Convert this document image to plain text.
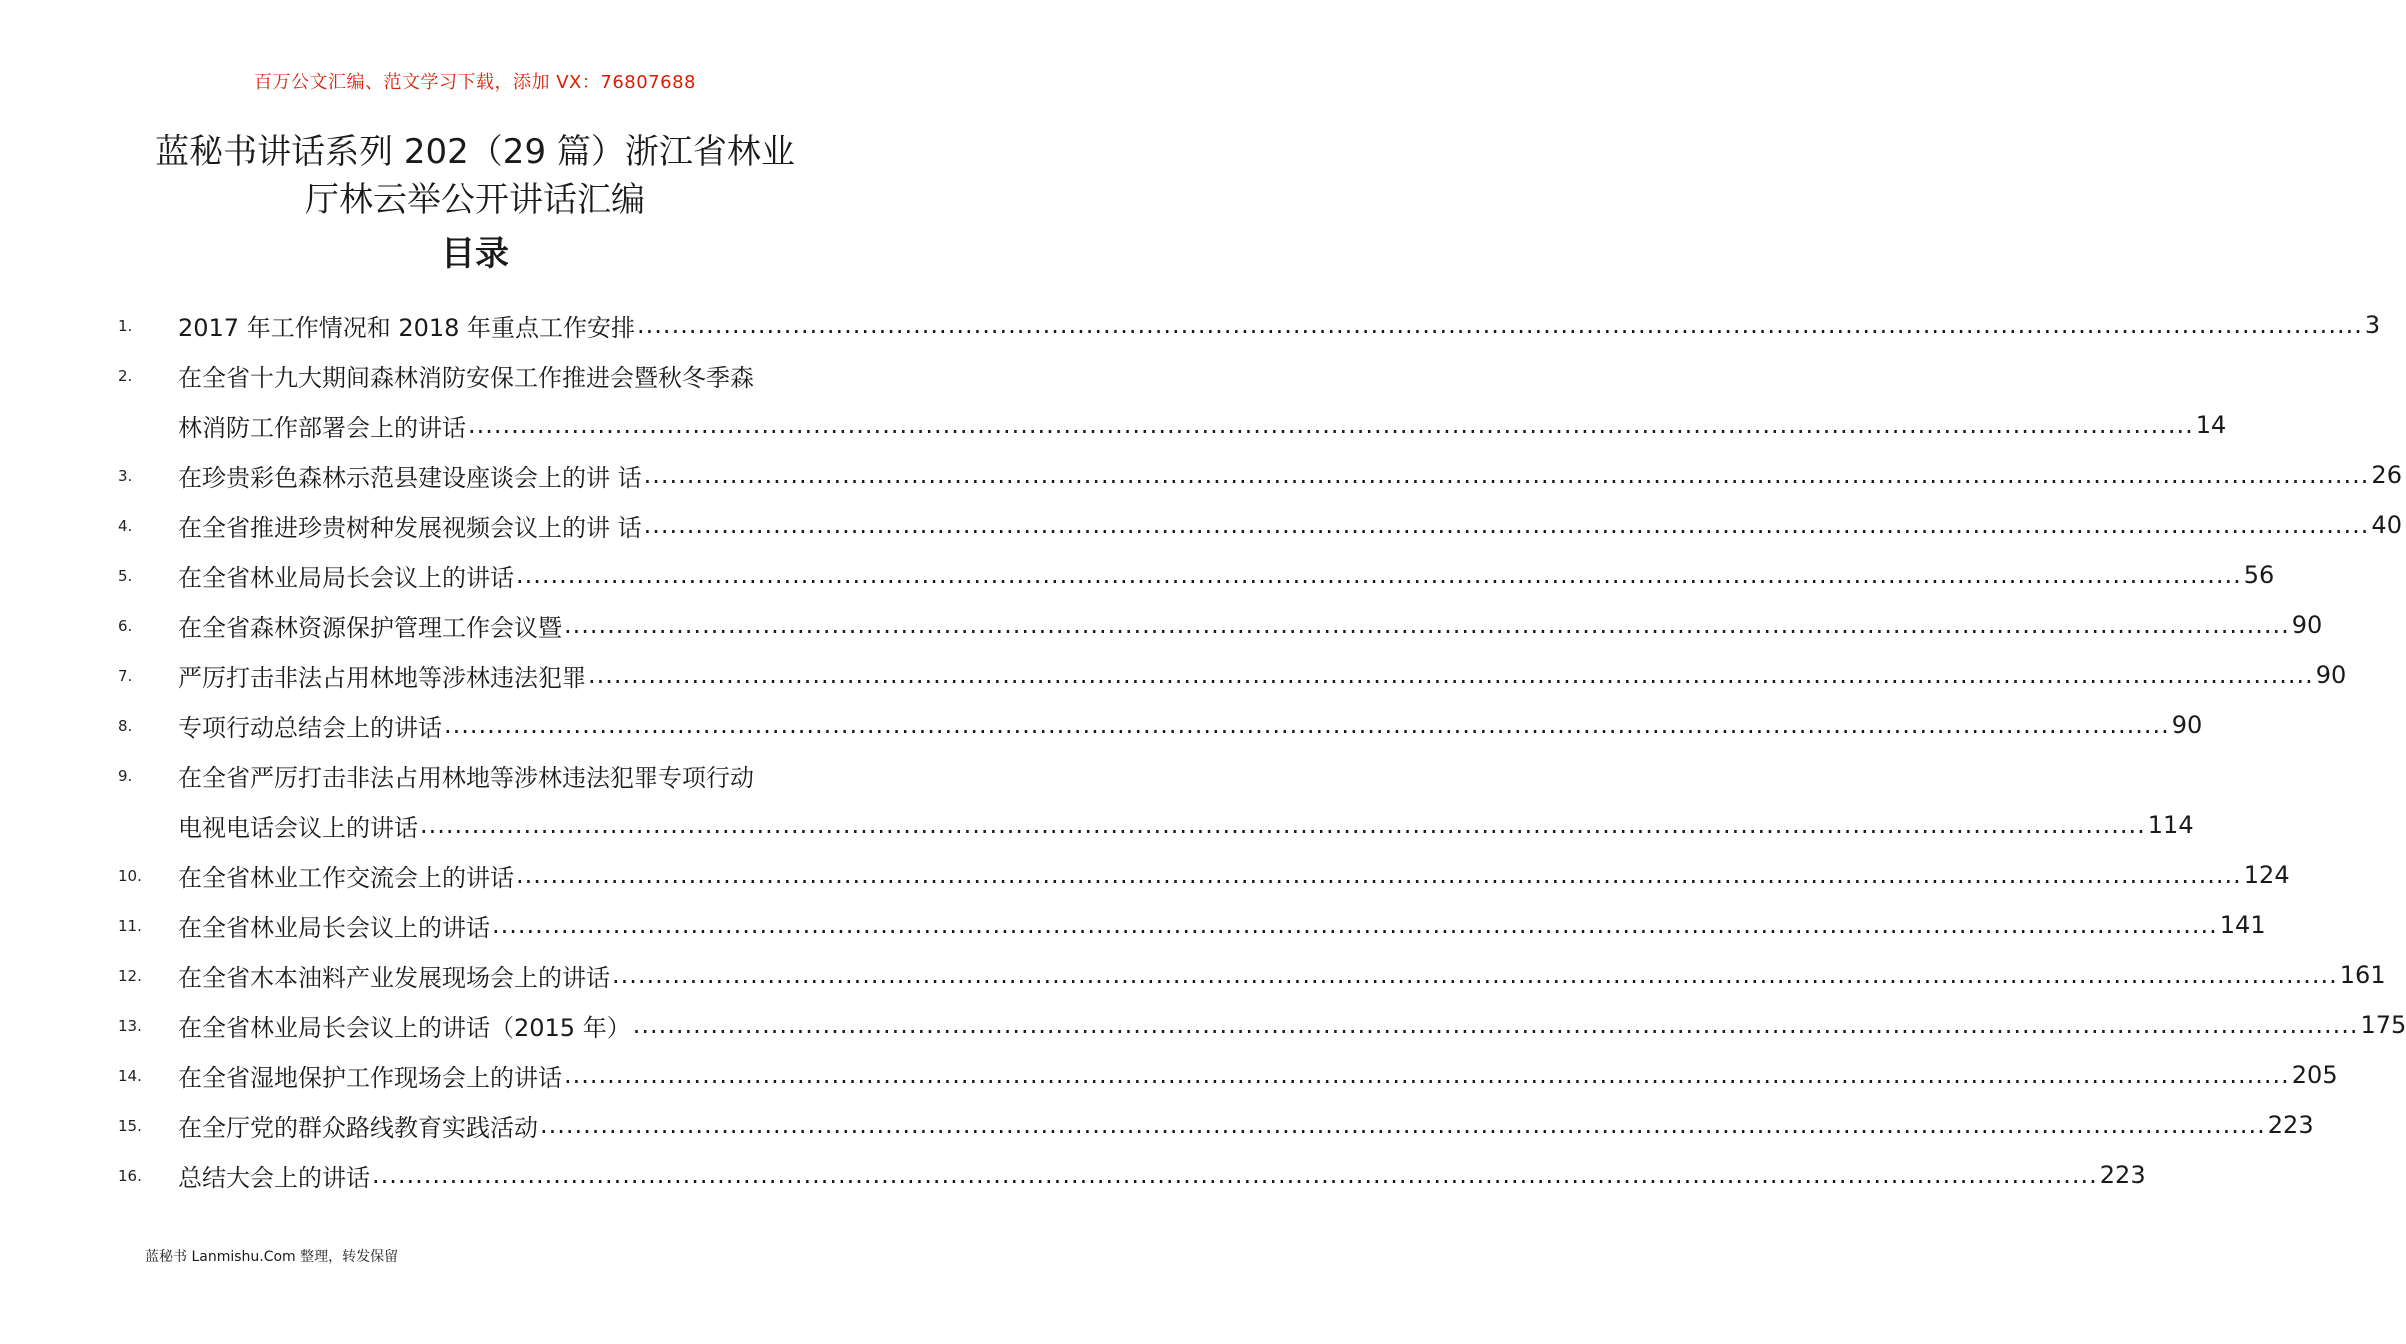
百万公文汇编、范文学习下载，添加 VX：76807688
蓝秘书讲话系列 202（29 篇）浙江省林业
厅林云举公开讲话汇编
目录
1.	2017 年工作情况和 2018 年重点工作安排 ........................................................................................................................................................................................................ 3
2.	在全省十九大期间森林消防安保工作推进会暨秋冬季森
林消防工作部署会上的讲话 ........................................................................................................................................................................................................ 14
3.	在珍贵彩色森林示范县建设座谈会上的讲 话 ........................................................................................................................................................................................................ 26
4.	在全省推进珍贵树种发展视频会议上的讲 话 ........................................................................................................................................................................................................ 40
5.	在全省林业局局长会议上的讲话 ........................................................................................................................................................................................................ 56
6.	在全省森林资源保护管理工作会议暨 ........................................................................................................................................................................................................ 90
7.	严厉打击非法占用林地等涉林违法犯罪 ........................................................................................................................................................................................................ 90
8.	专项行动总结会上的讲话 ........................................................................................................................................................................................................ 90
9.	在全省严厉打击非法占用林地等涉林违法犯罪专项行动
电视电话会议上的讲话 ........................................................................................................................................................................................................ 114
10.	在全省林业工作交流会上的讲话 ........................................................................................................................................................................................................ 124
11.	在全省林业局长会议上的讲话 ........................................................................................................................................................................................................ 141
12.	在全省木本油料产业发展现场会上的讲话 ........................................................................................................................................................................................................ 161
13.	在全省林业局长会议上的讲话（2015 年） ........................................................................................................................................................................................................ 175
14.	在全省湿地保护工作现场会上的讲话 ........................................................................................................................................................................................................ 205
15.	在全厅党的群众路线教育实践活动 ........................................................................................................................................................................................................ 223
16.	总结大会上的讲话 ........................................................................................................................................................................................................ 223
蓝秘书 Lanmishu.Com 整理，转发保留
